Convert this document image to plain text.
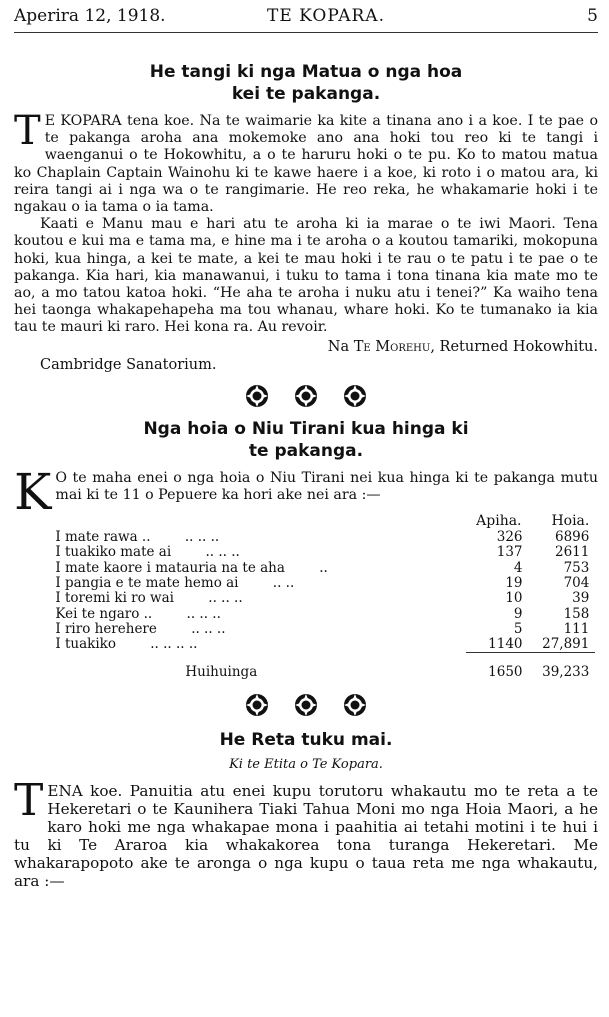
Aperira 12, 1918.	TE KOPARA.	5
He tangi ki nga Matua o nga hoa
kei te pakanga.

T E KOPARA tena koe. Na te waimarie ka kite a tinana ano i a koe. I te pae o te pakanga aroha ana mokemoke ano ana hoki tou reo ki te tangi i waenganui o te Hokowhitu, a o te haruru hoki o te pu. Ko to matou matua ko Chaplain Captain Wainohu ki te kawe haere i a koe, ki roto i o matou ara, ki reira tangi ai i nga wa o te rangimarie. He reo reka, he whakamarie hoki i te ngakau o ia tama o ia tama.

Kaati e Manu mau e hari atu te aroha ki ia marae o te iwi Maori. Tena koutou e kui ma e tama ma, e hine ma i te aroha o a koutou tamariki, mokopuna hoki, kua hinga, a kei te mate, a kei te mau hoki i te rau o te patu i te pae o te pakanga. Kia hari, kia manawanui, i tuku to tama i tona tinana kia mate mo te ao, a mo tatou katoa hoki. “He aha te aroha i nuku atu i tenei?” Ka waiho tena hei taonga whakapehapeha ma tou whanau, whare hoki. Ko te tumanako ia kia tau te mauri ki raro. Hei kona ra. Au revoir.

Na Te Morehu, Returned Hokowhitu.
Cambridge Sanatorium.

Nga hoia o Niu Tirani kua hinga ki
te pakanga.

K O te maha enei o nga hoia o Niu Tirani nei kua hinga ki te pakanga mutu mai ki te 11 o Pepuere ka hori ake nei ara :—

	Apiha.	Hoia.
I mate rawa .. .. .. ..	326	6896
I tuakiko mate ai .. .. ..	137	2611
I mate kaore i matauria na te aha ..	4	753
I pangia e te mate hemo ai .. ..	19	704
I toremi ki ro wai .. .. ..	10	39
Kei te ngaro .. .. .. ..	9	158
I riro herehere .. .. ..	5	111
I tuakiko .. .. .. ..	1140	27,891
Huihuinga	1650	39,233

He Reta tuku mai.
Ki te Etita o Te Kopara.

TENA koe. Panuitia atu enei kupu torutoru whakautu mo te reta a te Hekeretari o te Kaunihera Tiaki Tahua Moni mo nga Hoia Maori, a he karo hoki me nga whakapae mona i paahitia ai tetahi motini i te hui i tu ki Te Araroa kia whakakorea tona turanga Hekeretari. Me whakarapopoto ake te aronga o nga kupu o taua reta me nga whakautu, ara :—
